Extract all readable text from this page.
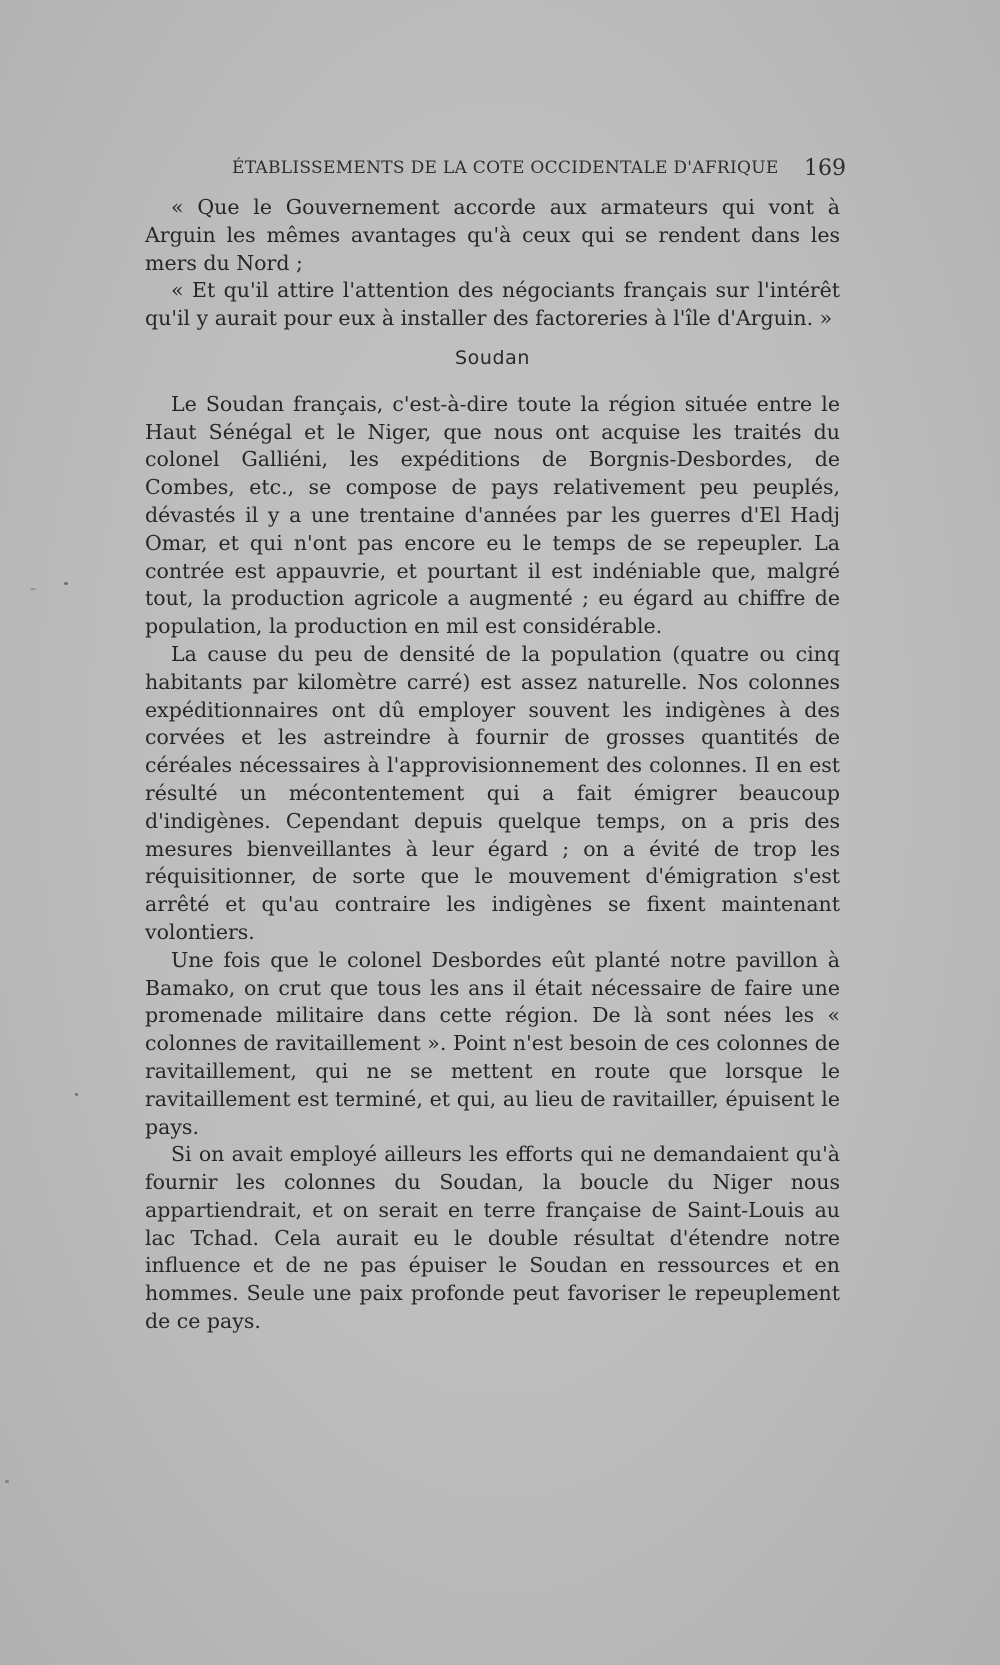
ÉTABLISSEMENTS DE LA COTE OCCIDENTALE D'AFRIQUE	169

« Que le Gouvernement accorde aux armateurs qui vont à Arguin les mêmes avantages qu'à ceux qui se rendent dans les mers du Nord ;

« Et qu'il attire l'attention des négociants français sur l'intérêt qu'il y aurait pour eux à installer des factoreries à l'île d'Arguin. »

Soudan

Le Soudan français, c'est-à-dire toute la région située entre le Haut Sénégal et le Niger, que nous ont acquise les traités du colonel Galliéni, les expéditions de Borgnis-Desbordes, de Combes, etc., se compose de pays relativement peu peuplés, dévastés il y a une trentaine d'années par les guerres d'El Hadj Omar, et qui n'ont pas encore eu le temps de se repeupler. La contrée est appauvrie, et pourtant il est indéniable que, malgré tout, la production agricole a augmenté ; eu égard au chiffre de population, la production en mil est considérable.

La cause du peu de densité de la population (quatre ou cinq habitants par kilomètre carré) est assez naturelle. Nos colonnes expéditionnaires ont dû employer souvent les indigènes à des corvées et les astreindre à fournir de grosses quantités de céréales nécessaires à l'approvisionnement des colonnes. Il en est résulté un mécontentement qui a fait émigrer beaucoup d'indigènes. Cependant depuis quelque temps, on a pris des mesures bienveillantes à leur égard ; on a évité de trop les réquisitionner, de sorte que le mouvement d'émigration s'est arrêté et qu'au contraire les indigènes se fixent maintenant volontiers.

Une fois que le colonel Desbordes eût planté notre pavillon à Bamako, on crut que tous les ans il était nécessaire de faire une promenade militaire dans cette région. De là sont nées les « colonnes de ravitaillement ». Point n'est besoin de ces colonnes de ravitaillement, qui ne se mettent en route que lorsque le ravitaillement est terminé, et qui, au lieu de ravitailler, épuisent le pays.

Si on avait employé ailleurs les efforts qui ne demandaient qu'à fournir les colonnes du Soudan, la boucle du Niger nous appartiendrait, et on serait en terre française de Saint-Louis au lac Tchad. Cela aurait eu le double résultat d'étendre notre influence et de ne pas épuiser le Soudan en ressources et en hommes. Seule une paix profonde peut favoriser le repeuplement de ce pays.
